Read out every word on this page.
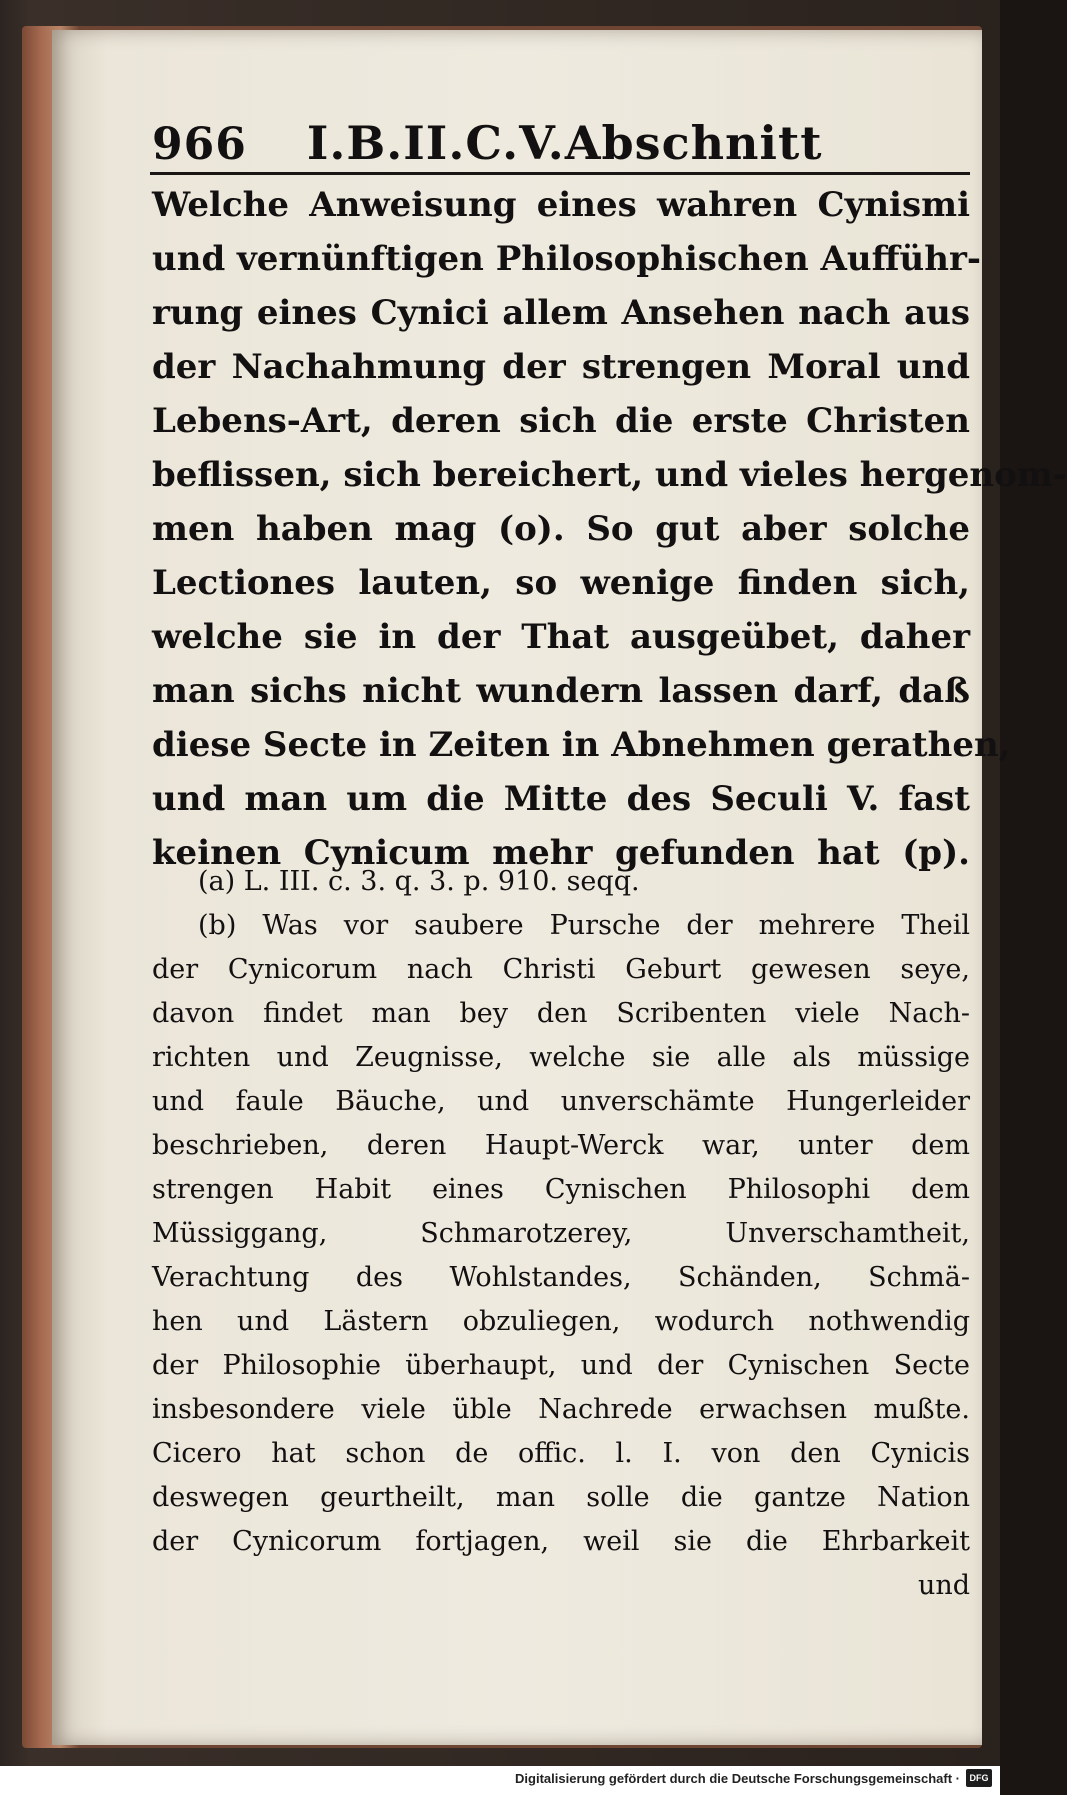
966 I.B.II.C.V.Abschnitt
Welche Anweisung eines wahren Cynismi
und vernünftigen Philosophischen Aufführ-
rung eines Cynici allem Ansehen nach aus
der Nachahmung der strengen Moral und
Lebens-Art, deren sich die erste Christen
beflissen, sich bereichert, und vieles hergenom-
men haben mag (o). So gut aber solche
Lectiones lauten, so wenige finden sich,
welche sie in der That ausgeübet, daher
man sichs nicht wundern lassen darf, daß
diese Secte in Zeiten in Abnehmen gerathen,
und man um die Mitte des Seculi V. fast
keinen Cynicum mehr gefunden hat (p).
(a) L. III. c. 3. q. 3. p. 910. seqq.
(b) Was vor saubere Pursche der mehrere Theil
der Cynicorum nach Christi Geburt gewesen seye,
davon findet man bey den Scribenten viele Nach-
richten und Zeugnisse, welche sie alle als müssige
und faule Bäuche, und unverschämte Hungerleider
beschrieben, deren Haupt-Werck war, unter dem
strengen Habit eines Cynischen Philosophi dem
Müssiggang, Schmarotzerey, Unverschamtheit,
Verachtung des Wohlstandes, Schänden, Schmä-
hen und Lästern obzuliegen, wodurch nothwendig
der Philosophie überhaupt, und der Cynischen Secte
insbesondere viele üble Nachrede erwachsen mußte.
Cicero hat schon de offic. l. I. von den Cynicis
deswegen geurtheilt, man solle die gantze Nation
der Cynicorum fortjagen, weil sie die Ehrbarkeit
und
Digitalisierung gefördert durch die Deutsche Forschungsgemeinschaft ·	DFG
